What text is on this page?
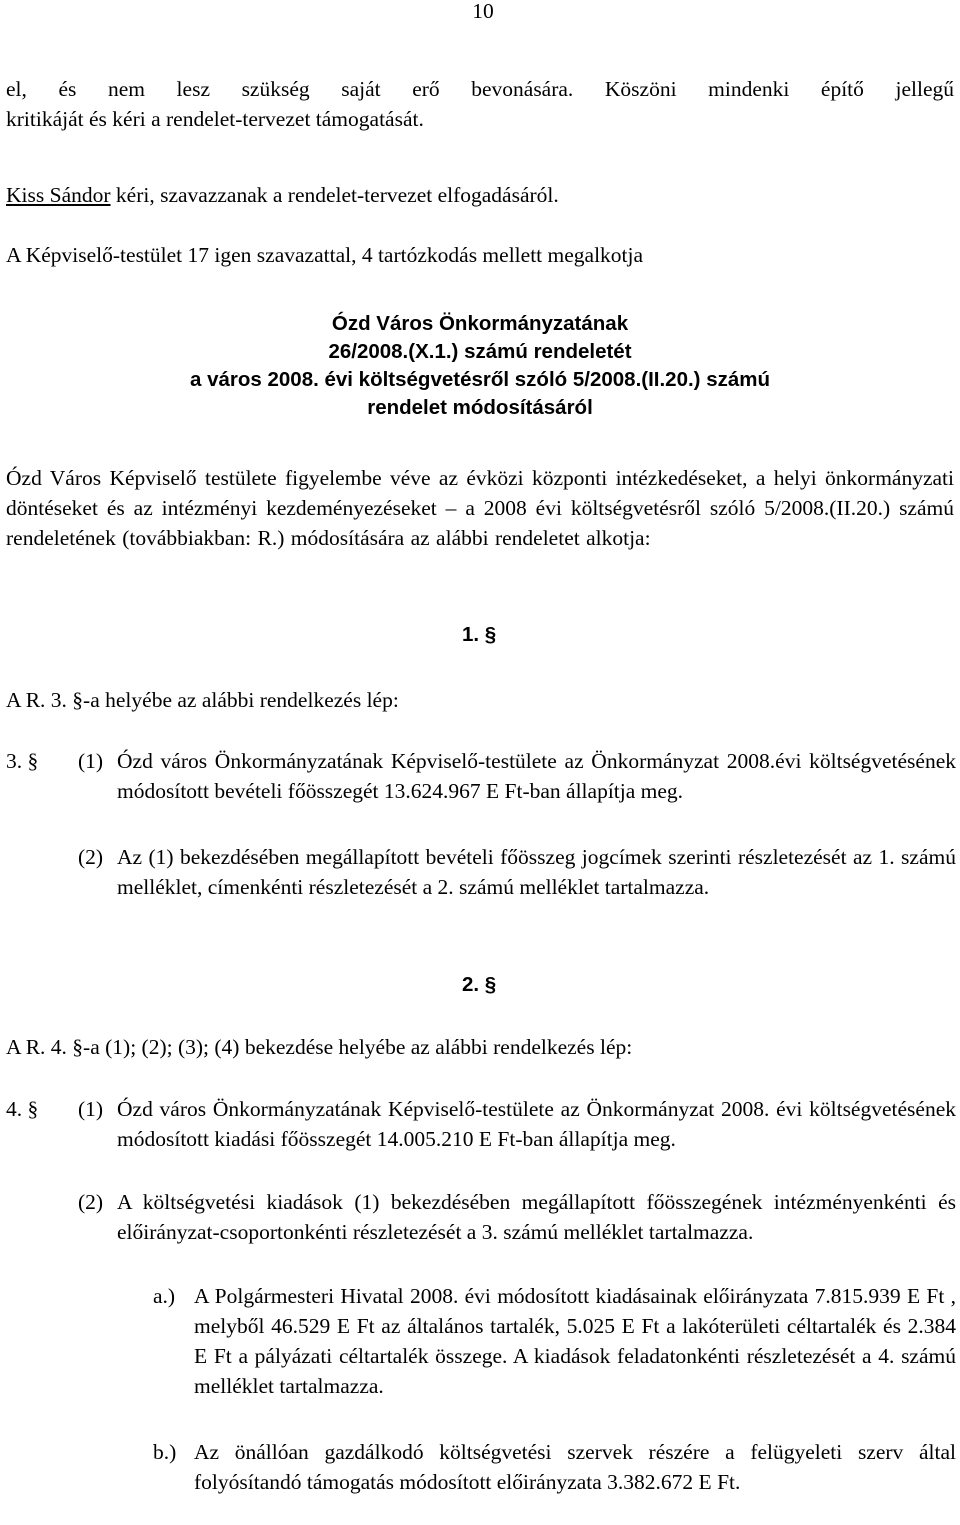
10
el, és nem lesz szükség saját erő bevonására. Köszöni mindenki építő jellegű
kritikáját és kéri a rendelet-tervezet támogatását.
Kiss Sándor kéri, szavazzanak a rendelet-tervezet elfogadásáról.
A Képviselő-testület 17 igen szavazattal, 4 tartózkodás mellett megalkotja
Ózd Város Önkormányzatának
26/2008.(X.1.) számú rendeletét
a város 2008. évi költségvetésről szóló 5/2008.(II.20.) számú
rendelet módosításáról
Ózd Város Képviselő testülete figyelembe véve az évközi központi intézkedéseket, a helyi önkormányzati döntéseket és az intézményi kezdeményezéseket – a 2008 évi költségvetésről szóló 5/2008.(II.20.) számú rendeletének (továbbiakban: R.) módosítására az alábbi rendeletet alkotja:
1. §
A R. 3. §-a helyébe az alábbi rendelkezés lép:
3. § (1) Ózd város Önkormányzatának Képviselő-testülete az Önkormányzat 2008.évi költségvetésének módosított bevételi főösszegét 13.624.967 E Ft-ban állapítja meg.
(2) Az (1) bekezdésében megállapított bevételi főösszeg jogcímek szerinti részletezését az 1. számú melléklet, címenkénti részletezését a 2. számú melléklet tartalmazza.
2. §
A R. 4. §-a (1); (2); (3); (4) bekezdése helyébe az alábbi rendelkezés lép:
4. § (1) Ózd város Önkormányzatának Képviselő-testülete az Önkormányzat 2008. évi költségvetésének módosított kiadási főösszegét 14.005.210 E Ft-ban állapítja meg.
(2) A költségvetési kiadások (1) bekezdésében megállapított főösszegének intézményenkénti és előirányzat-csoportonkénti részletezését a 3. számú melléklet tartalmazza.
a.) A Polgármesteri Hivatal 2008. évi módosított kiadásainak előirányzata 7.815.939 E Ft , melyből 46.529 E Ft az általános tartalék, 5.025 E Ft a lakóterületi céltartalék és 2.384 E Ft a pályázati céltartalék összege. A kiadások feladatonkénti részletezését a 4. számú melléklet tartalmazza.
b.) Az önállóan gazdálkodó költségvetési szervek részére a felügyeleti szerv által folyósítandó támogatás módosított előirányzata 3.382.672 E Ft.
